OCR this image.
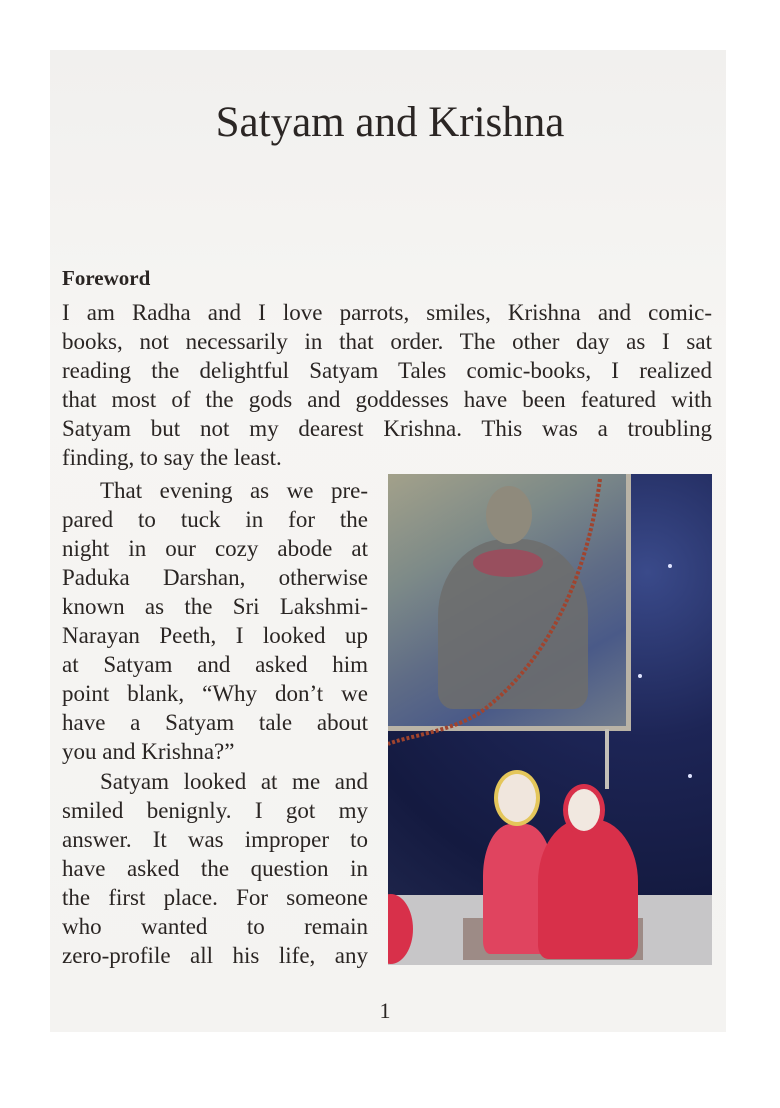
Satyam and Krishna
Foreword
I am Radha and I love parrots, smiles, Krishna and comic-
books, not necessarily in that order. The other day as I sat
reading the delightful Satyam Tales comic-books, I realized
that most of the gods and goddesses have been featured with
Satyam but not my dearest Krishna. This was a troubling
finding, to say the least.
That evening as we pre-
pared to tuck in for the
night in our cozy abode at
Paduka Darshan, otherwise
known as the Sri Lakshmi-
Narayan Peeth, I looked up
at Satyam and asked him
point blank, “Why don’t we
have a Satyam tale about
you and Krishna?”
Satyam looked at me and
smiled benignly. I got my
answer. It was improper to
have asked the question in
the first place. For someone
who wanted to remain
zero-profile all his life, any
1
